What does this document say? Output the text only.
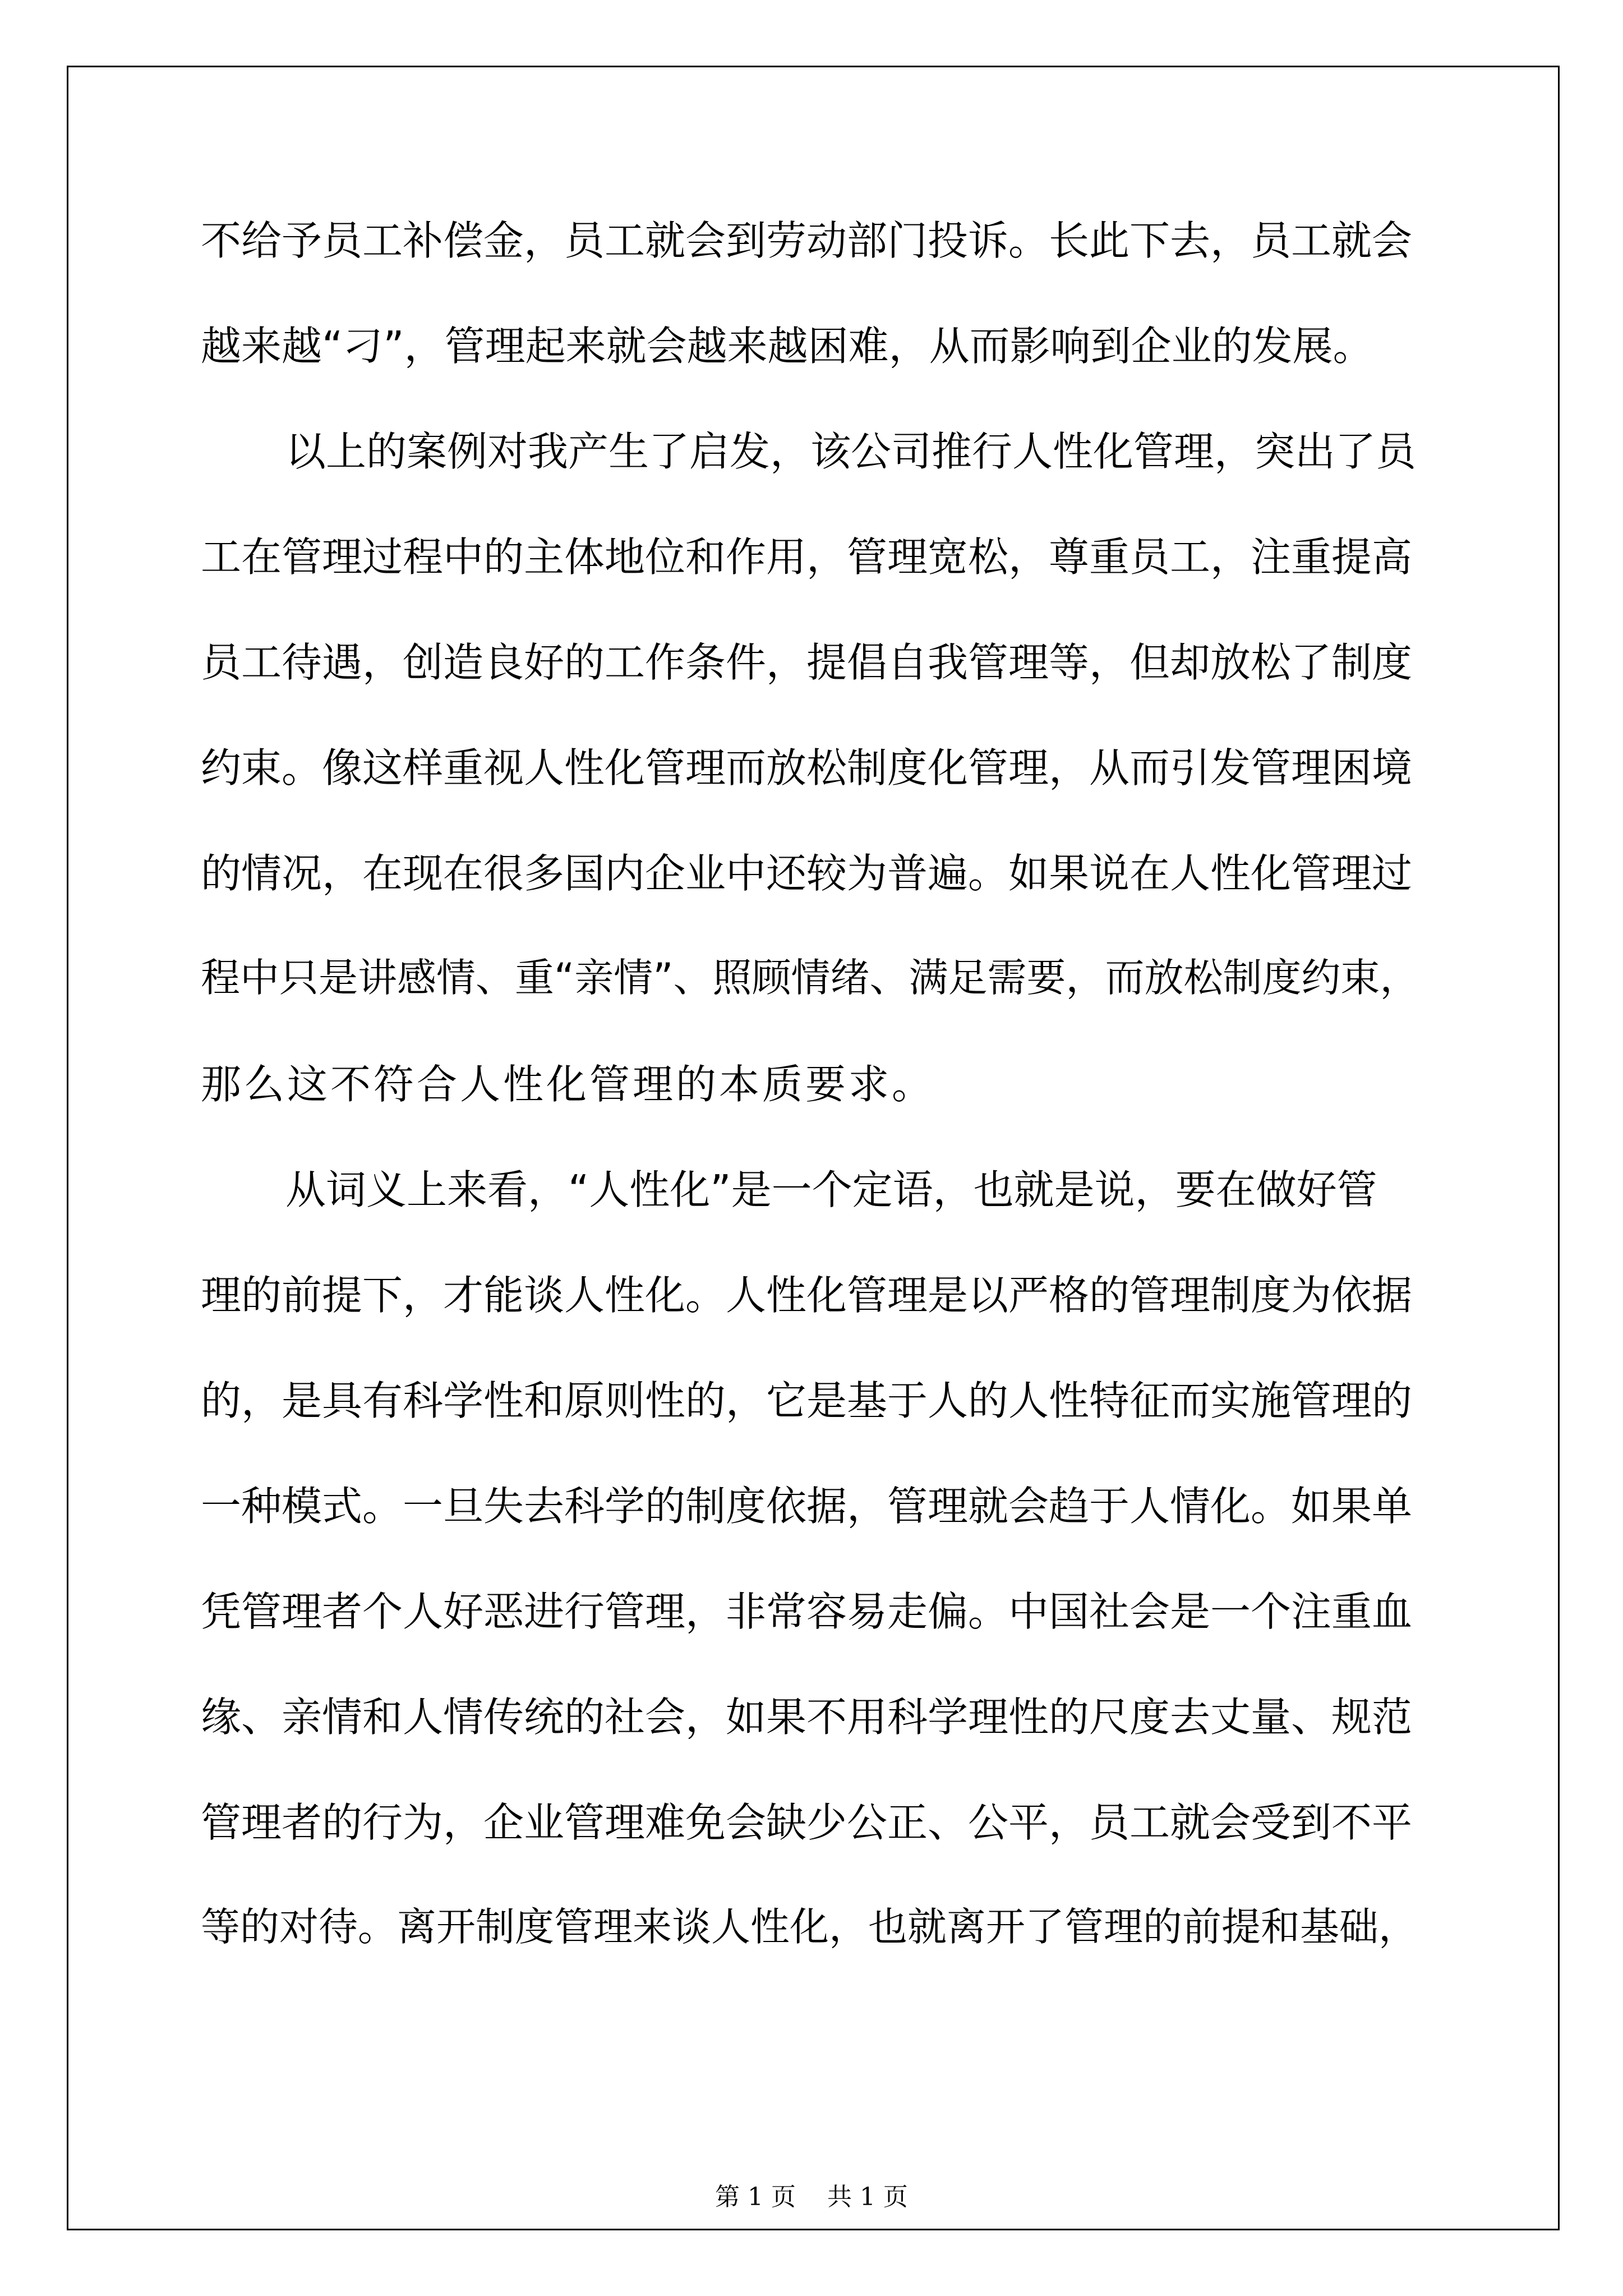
不给予员工补偿金，员工就会到劳动部门投诉。长此下去，员工就会
越来越“刁”，管理起来就会越来越困难，从而影响到企业的发展。
以上的案例对我产生了启发，该公司推行人性化管理，突出了员
工在管理过程中的主体地位和作用，管理宽松，尊重员工，注重提高
员工待遇，创造良好的工作条件，提倡自我管理等，但却放松了制度
约束。像这样重视人性化管理而放松制度化管理，从而引发管理困境
的情况，在现在很多国内企业中还较为普遍。如果说在人性化管理过
程中只是讲感情、重“亲情”、照顾情绪、满足需要，而放松制度约束，
那么这不符合人性化管理的本质要求。
从词义上来看，“人性化”是一个定语，也就是说，要在做好管
理的前提下，才能谈人性化。人性化管理是以严格的管理制度为依据
的，是具有科学性和原则性的，它是基于人的人性特征而实施管理的
一种模式。一旦失去科学的制度依据，管理就会趋于人情化。如果单
凭管理者个人好恶进行管理，非常容易走偏。中国社会是一个注重血
缘、亲情和人情传统的社会，如果不用科学理性的尺度去丈量、规范
管理者的行为，企业管理难免会缺少公正、公平，员工就会受到不平
等的对待。离开制度管理来谈人性化，也就离开了管理的前提和基础，
第 1 页    共 1 页
